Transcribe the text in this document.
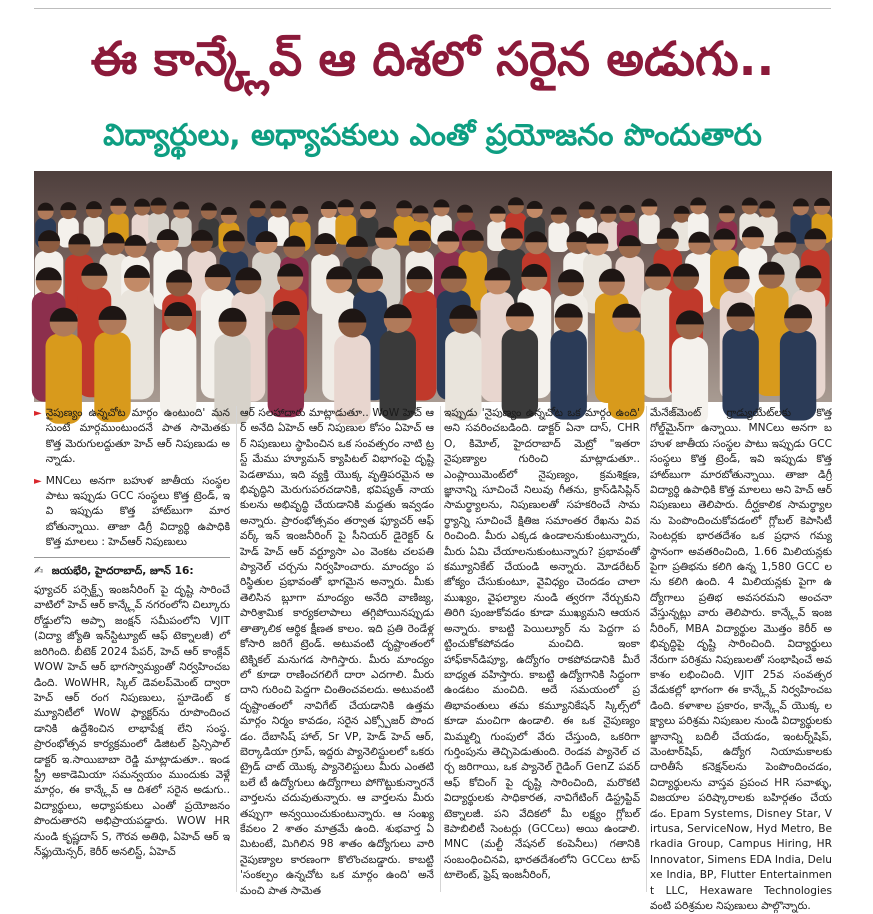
ఈ కాన్క్లేవ్ ఆ దిశలో సరైన అడుగు..
విద్యార్థులు, అధ్యాపకులు ఎంతో ప్రయోజనం పొందుతారు
► నైపుణ్యం ఉన్నచోట మార్గం ఉంటుంది' మనసుంటే మార్గముంటుందనే పాత సామెతకు కొత్త మెరుగులద్దుతూ హెచ్ ఆర్ నిపుణుడు అన్నాడు.
► MNCలు అనగా బహుళ జాతీయ సంస్థల పాటు ఇప్పుడు GCC సంస్థలు కొత్త ట్రెండ్, ఇవి ఇప్పుడు కొత్త హాట్‌బుగా మారబోతున్నాయి. తాజా డిగ్రీ విద్యార్థి ఉపాధికి కొత్త మాలలు : హెచ్ఆర్ నిపుణులు
✍ జయభేరి, హైదరాబాద్, జూన్ 16:

ఫ్యూచర్ పర్సెక్ట్స్ ఇంజనీరింగ్ పై దృష్టి సారించే వాటిలో హెచ్ ఆర్ కాన్క్లేవ్ నగరంలోని చిల్కూరు రోడ్డులోని అప్పా జంక్షన్ సమీపంలోని VJIT (విద్యా జ్యోతి ఇన్‌స్టిట్యూట్ ఆఫ్ టెక్నాలజీ) లో జరిగింది. బీటెక్ 2024 పేపర్, హెచ్ ఆర్ కాంక్లేవ్ WOW హెచ్ ఆర్ భాగస్వామ్యంతో నిర్వహించబడింది. WoWHR, స్కిల్ డెవలప్‌మెంట్ ద్వారా హెచ్ ఆర్ రంగ నిపుణులు, స్టూడెంట్ కమ్యూనిటీలో WoW ఫ్యాక్టర్‌ను రూపొందించడానికి ఉద్దేశించిన లాభాపేక్ష లేని సంస్థ. ప్రారంభోత్సవ కార్యక్రమంలో డిజిటల్ ప్రిన్సిపాల్ డాక్టర్ ఇ.సాయిబాబా రెడ్డి మాట్లాడుతూ.. ఇండస్ట్రీ అకాడెమియా సమన్వయం ముందుకు వెళ్లే మార్గం, ఈ కాన్క్లేవ్ ఆ దిశలో సరైన అడుగు.. విద్యార్థులు, అధ్యాపకులు ఎంతో ప్రయోజనం పొందుతారని అభిప్రాయపడ్డారు. WOW HR నుండి కృష్ణదాస్ S, గౌరవ అతిథి, ఏహెచ్ ఆర్ ఇన్‌ఫ్లుయెన్సర్, కెరీర్ అనలిస్ట్, ఏహెచ్

ఆర్ సలహాదారు మాట్లాడుతూ.. WoW హెచ్ ఆర్ అనేది ఏహెచ్ ఆర్ నిపుణుల కోసం ఏహెచ్ ఆర్ నిపుణులు స్థాపించిన ఒక సంవత్సరం నాటి ట్రస్ట్ మేము హ్యూమన్ క్యాపిటల్ విభాగంపై దృష్టి పెడతాము, ఇది వ్యక్తి యొక్క వృత్తిపరమైన అభివృద్ధిని మెరుగుపరచడానికి, భవిష్యత్ నాయకులను అభివృద్ధి చేయడానికి మద్దతు ఇవ్వడం అన్నారు. ప్రారంభోత్సవం తర్వాత ఫ్యూచర్ ఆఫ్ వర్క్ ఇన్ ఇంజనీరింగ్ పై సీనియర్ డైరెక్టర్ & హెడ్ హెచ్ ఆర్ వర్ట్యూసా ఎం వెంకట చలపతి ప్యానెల్ చర్చను నిర్వహించారు. మాంద్యం పరిస్థితుల ప్రభావంతో భాగమైన అన్నారు. మీకు తెలిసిన బ్లూగా మాంద్యం అనేది వాణిజ్య, పారిశ్రామిక కార్యకలాపాలు తగ్గిపోయినప్పుడు తాత్కాలిక ఆర్థిక క్షీణత కాలం. ఇది ప్రతి రెండేళ్లకోసారి జరిగే ట్రెండ్. అటువంటి దృష్టాంతంలో టెక్నికల్ మనుగడ సాగిస్తారు. మీరు మాంద్యం లో కూడా రాణించగలిగే దారా ఎదగాలి. మీరు దాని గురించి పెద్దగా చింతించవలదు. అటువంటి దృష్టాంతంలో నావిగేట్ చేయడానికి ఉత్తమ మార్గం నిర్మం కావడం, సరైన ఎక్స్పోజర్ పొందడం. దేబాసిష్ హాల్, Sr VP, హెడ్ హెచ్ ఆర్, బెర్కాడియా గ్రూప్, ఇద్దరు ప్యానెలిస్టులలో ఒకరు ట్రైడ్ చాట్ యొక్క ప్యానెలిస్టులు మీరు ఎంతటి బలే టీ ఉద్యోగులు ఉద్యోగాలు పోగొట్టుకున్నారనే వార్తలను చదువుతున్నారు. ఆ వార్తలను మీరు తప్పుగా అన్వయించుకుంటున్నారు. ఆ సంఖ్య కేవలం 2 శాతం మాత్రమే ఉంది. శుభవార్త ఏమిటంటే, మిగిలిన 98 శాతం ఉద్యోగులు వారి నైపుణ్యాల కారణంగా కొలొంచబడ్డారు. కాబట్టి 'సంకల్పం ఉన్నచోట ఒక మార్గం ఉంది' అనే మంచి పాత సామెత

ఇప్పుడు 'నైపుణ్యం ఉన్నచోట ఒక మార్గం ఉంది' అని సవరించబడింది. డాక్టర్ ఏనా దాస్, CHRO, కిమోల్, హైదరాబాద్ మెట్రో "ఇతరా నైపుణ్యాల గురించి మాట్లాడుతూ.. ఎంప్లాయిమెంట్‌లో నైపుణ్యం, క్రమశిక్షణ, జ్ఞానాన్ని సూచించే నిలువు గీతను, క్రాస్‌డిసిప్లిన్ సామర్థ్యాలను, నిపుణులతో సహకరించే సామర్థ్యాన్ని సూచించే క్షితిజ సమాంతర రేఖను వివరించింది. మీరు ఎక్కడ ఉండాలనుకుంటున్నారు, మీరు ఏమి చేయాలనుకుంటున్నారు? ప్రభావంతో కమ్యూనికేట్ చేయండి అన్నారు. మోడరేటర్ జోక్యం చేసుకుంటూ, వైవిధ్యం చెందడం చాలా ముఖ్యం, వైఫల్యాల నుండి త్వరగా నేర్చుకుని తిరిగి పుంజుకోవడం కూడా ముఖ్యమని ఆయన అన్నారు. కాబట్టి పెయిల్యూర్ ను పెద్దగా పట్టించుకోకపోవడం మంచిది. ఇంకా హాఫ్‌కాన్‌డిప్యూ, ఉద్యోగం రాకపోవడానికి మీరే బాధ్యత వహిస్తారు. కాబట్టి ఉద్యోగానికి సిద్ధంగా ఉండటం మంచిది. అదే సమయంలో ప్రతిభావంతులు తమ కమ్యూనికేషన్ స్కిల్స్‌లో కూడా మంచిగా ఉండాలి. ఈ ఒక నైపుణ్యం మిమ్మల్ని గుంపులో వేరు చేస్తుంది, ఒకరిగా గుర్తింపును తెచ్చిపెడుతుంది. రెండవ ప్యానెల్ చర్చ జరిగాయి, ఒక ప్యానెల్ గైడింగ్ GenZ పవర్ ఆఫ్ కోచింగ్ పై దృష్టి సారించింది, మరొకటి విద్యార్థులకు సాధికారత, నావిగేటింగ్ డిస్ట్రప్టివ్ టెక్నాలజీ. పని వేదికలో మీ లక్ష్యం గ్లోబల్ కెపాబిలిటీ సెంటర్లు (GCCలు) అయి ఉండాలి. MNC (మల్టీ నేషనల్ కంపెనీలు) గతానికి సంబంధించినవి, భారతదేశంలోని GCCలు టాప్ టాలెంట్, ఫ్రెష్ ఇంజనీరింగ్,

మేనేజ్‌మెంట్ గ్రాడ్యుయేట్‌లకు కొత్త గోల్డ్‌మైన్‌గా ఉన్నాయి. MNCలు అనగా బహుళ జాతీయ సంస్థల పాటు ఇప్పుడు GCC సంస్థలు కొత్త ట్రెండ్, ఇవి ఇప్పుడు కొత్త హాట్‌బుగా మారబోతున్నాయి. తాజా డిగ్రీ విద్యార్థి ఉపాధికి కొత్త మాలలు అని హెచ్ ఆర్ నిపుణులు తెలిపారు. దీర్ఘకాలిక సామర్థ్యాలను పెంపొందించుకోవడంలో గ్లోబల్ కెపాసిటీ సెంటర్లకు భారతదేశం ఒక ప్రధాన గమ్యస్థానంగా అవతరించింది, 1.66 మిలియన్లకు పైగా ప్రతిభను కలిగి ఉన్న 1,580 GCC లను కలిగి ఉంది. 4 మిలియన్లకు పైగా ఉద్యోగాలు ప్రతిభ అవసరమని అంచనా వేస్తున్నట్లు వారు తెలిపారు. కాన్క్లేవ్ ఇంజనీరింగ్, MBA విద్యార్థుల మొత్తం కెరీర్ అభివృద్ధిపై దృష్టి సారించింది. విద్యార్థులు నేరుగా పరిశ్రమ నిపుణులతో సంభాషించే అవకాశం లభించింది. VJIT 25వ సంవత్సర వేడుకల్లో భాగంగా ఈ కాన్క్లేవ్ నిర్వహించబడింది. కళాశాల ప్రకారం, కాన్క్లేవ్ యొక్క లక్ష్యాలు పరిశ్రమ నిపుణుల నుండి విద్యార్థులకు జ్ఞానాన్ని బదిలీ చేయడం, ఇంటర్న్‌షిప్, మెంటార్‌షిప్, ఉద్యోగ నియామకాలకు దారితీసే కనెక్షన్‌లను పెంపొందించడం, విద్యార్థులను వాస్తవ ప్రపంచ HR సవాళ్ళు, విజయాల పరిష్కారాలకు బహిర్గతం చేయడం. Epam Systems, Disney Star, Virtusa, ServiceNow, Hyd Metro, Berkadia Group, Campus Hiring, HR Innovator, Simens EDA India, Deluxe India, BP, Flutter Entertainment LLC, Hexaware Technologies వంటి పరిశ్రమల నిపుణులు పాల్గొన్నారు.
